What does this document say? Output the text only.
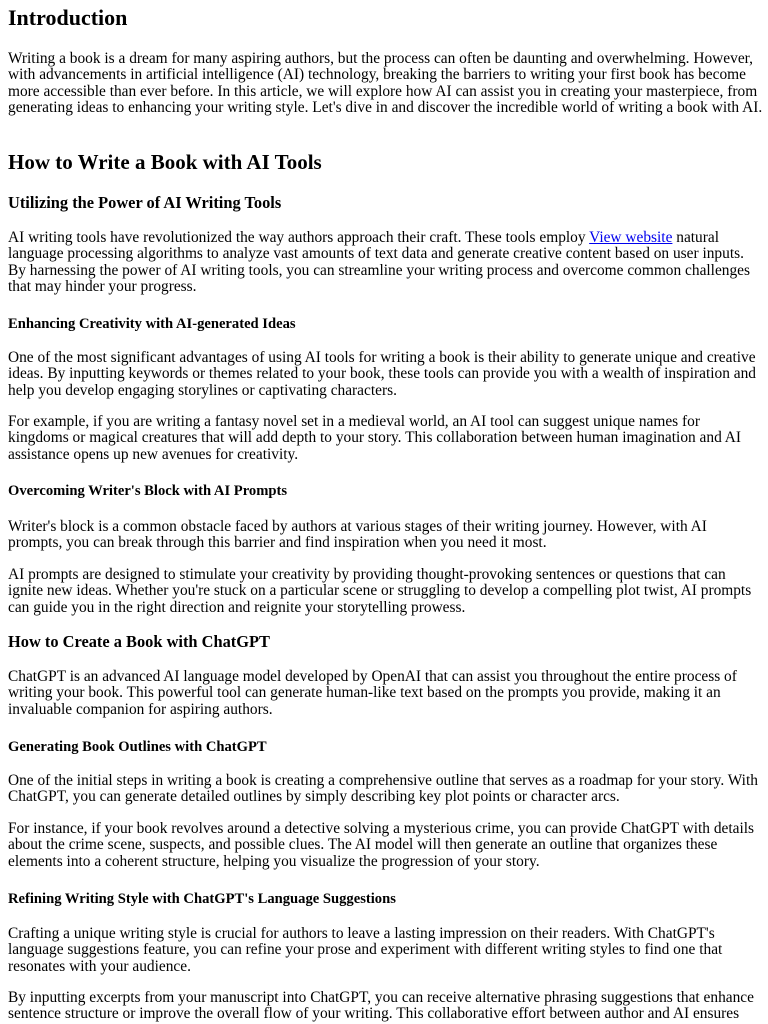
Introduction

Writing a book is a dream for many aspiring authors, but the process can often be daunting and overwhelming. However, with advancements in artificial intelligence (AI) technology, breaking the barriers to writing your first book has become more accessible than ever before. In this article, we will explore how AI can assist you in creating your masterpiece, from generating ideas to enhancing your writing style. Let's dive in and discover the incredible world of writing a book with AI.

How to Write a Book with AI Tools
Utilizing the Power of AI Writing Tools

AI writing tools have revolutionized the way authors approach their craft. These tools employ View website natural language processing algorithms to analyze vast amounts of text data and generate creative content based on user inputs. By harnessing the power of AI writing tools, you can streamline your writing process and overcome common challenges that may hinder your progress.

Enhancing Creativity with AI-generated Ideas

One of the most significant advantages of using AI tools for writing a book is their ability to generate unique and creative ideas. By inputting keywords or themes related to your book, these tools can provide you with a wealth of inspiration and help you develop engaging storylines or captivating characters.

For example, if you are writing a fantasy novel set in a medieval world, an AI tool can suggest unique names for kingdoms or magical creatures that will add depth to your story. This collaboration between human imagination and AI assistance opens up new avenues for creativity.

Overcoming Writer's Block with AI Prompts

Writer's block is a common obstacle faced by authors at various stages of their writing journey. However, with AI prompts, you can break through this barrier and find inspiration when you need it most.

AI prompts are designed to stimulate your creativity by providing thought-provoking sentences or questions that can ignite new ideas. Whether you're stuck on a particular scene or struggling to develop a compelling plot twist, AI prompts can guide you in the right direction and reignite your storytelling prowess.

How to Create a Book with ChatGPT

ChatGPT is an advanced AI language model developed by OpenAI that can assist you throughout the entire process of writing your book. This powerful tool can generate human-like text based on the prompts you provide, making it an invaluable companion for aspiring authors.

Generating Book Outlines with ChatGPT

One of the initial steps in writing a book is creating a comprehensive outline that serves as a roadmap for your story. With ChatGPT, you can generate detailed outlines by simply describing key plot points or character arcs.

For instance, if your book revolves around a detective solving a mysterious crime, you can provide ChatGPT with details about the crime scene, suspects, and possible clues. The AI model will then generate an outline that organizes these elements into a coherent structure, helping you visualize the progression of your story.

Refining Writing Style with ChatGPT's Language Suggestions

Crafting a unique writing style is crucial for authors to leave a lasting impression on their readers. With ChatGPT's language suggestions feature, you can refine your prose and experiment with different writing styles to find one that resonates with your audience.

By inputting excerpts from your manuscript into ChatGPT, you can receive alternative phrasing suggestions that enhance sentence structure or improve the overall flow of your writing. This collaborative effort between author and AI ensures
